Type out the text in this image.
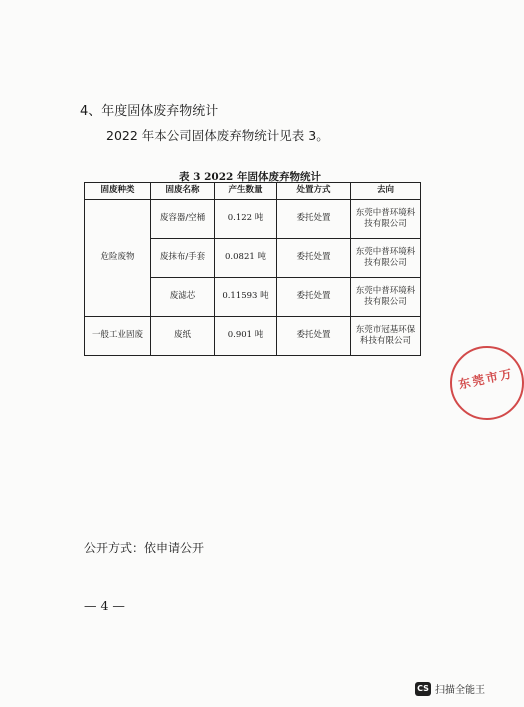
4、年度固体废弃物统计
2022 年本公司固体废弃物统计见表 3。
表 3 2022 年固体废弃物统计
固废种类	固废名称	产生数量	处置方式	去向
危险废物	废容器/空桶	0.122 吨	委托处置	东莞中普环境科技有限公司
	废抹布/手套	0.0821 吨	委托处置	东莞中普环境科技有限公司
	废滤芯	0.11593 吨	委托处置	东莞中普环境科技有限公司
一般工业固废	废纸	0.901 吨	委托处置	东莞市冠基环保科技有限公司
东莞市万
公开方式：依申请公开
— 4 —
CS 扫描全能王
